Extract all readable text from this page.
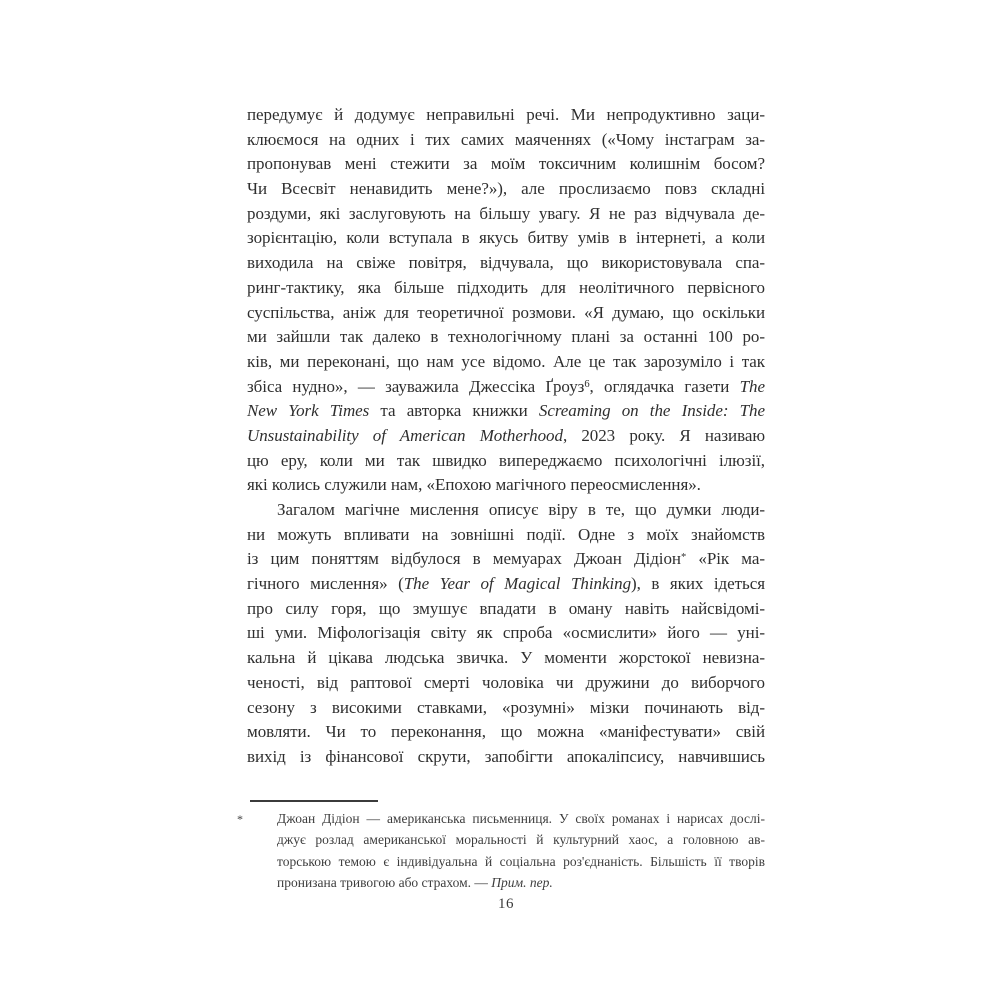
передумує й додумує неправильні речі. Ми непродуктивно заци-
клюємося на одних і тих самих маяченнях («Чому інстаграм за-
пропонував мені стежити за моїм токсичним колишнім босом?
Чи Всесвіт ненавидить мене?»), але прослизаємо повз складні
роздуми, які заслуговують на більшу увагу. Я не раз відчувала де-
зорієнтацію, коли вступала в якусь битву умів в інтернеті, а коли
виходила на свіже повітря, відчувала, що використовувала спа-
ринг-тактику, яка більше підходить для неолітичного первісного
суспільства, аніж для теоретичної розмови. «Я думаю, що оскільки
ми зайшли так далеко в технологічному плані за останні 100 ро-
ків, ми переконані, що нам усе відомо. Але це так зарозуміло і так
збіса нудно», — зауважила Джессіка Ґроуз$^6$, оглядачка газети The
New York Times та авторка книжки Screaming on the Inside: The
Unsustainability of American Motherhood, 2023 року. Я називаю
цю еру, коли ми так швидко випереджаємо психологічні ілюзії,
які колись служили нам, «Епохою магічного переосмислення».
Загалом магічне мислення описує віру в те, що думки люди-
ни можуть впливати на зовнішні події. Одне з моїх знайомств
із цим поняттям відбулося в мемуарах Джоан Дідіон* «Рік ма-
гічного мислення» (The Year of Magical Thinking), в яких ідеться
про силу горя, що змушує впадати в оману навіть найсвідомі-
ші уми. Міфологізація світу як спроба «осмислити» його — уні-
кальна й цікава людська звичка. У моменти жорстокої невизна-
ченості, від раптової смерті чоловіка чи дружини до виборчого
сезону з високими ставками, «розумні» мізки починають від-
мовляти. Чи то переконання, що можна «маніфестувати» свій
вихід із фінансової скрути, запобігти апокаліпсису, навчившись
*	Джоан Дідіон — американська письменниця. У своїх романах і нарисах дослі-
джує розлад американської моральності й культурний хаос, а головною ав-
торською темою є індивідуальна й соціальна роз'єднаність. Більшість її творів
пронизана тривогою або страхом. — Прим. пер.
16
